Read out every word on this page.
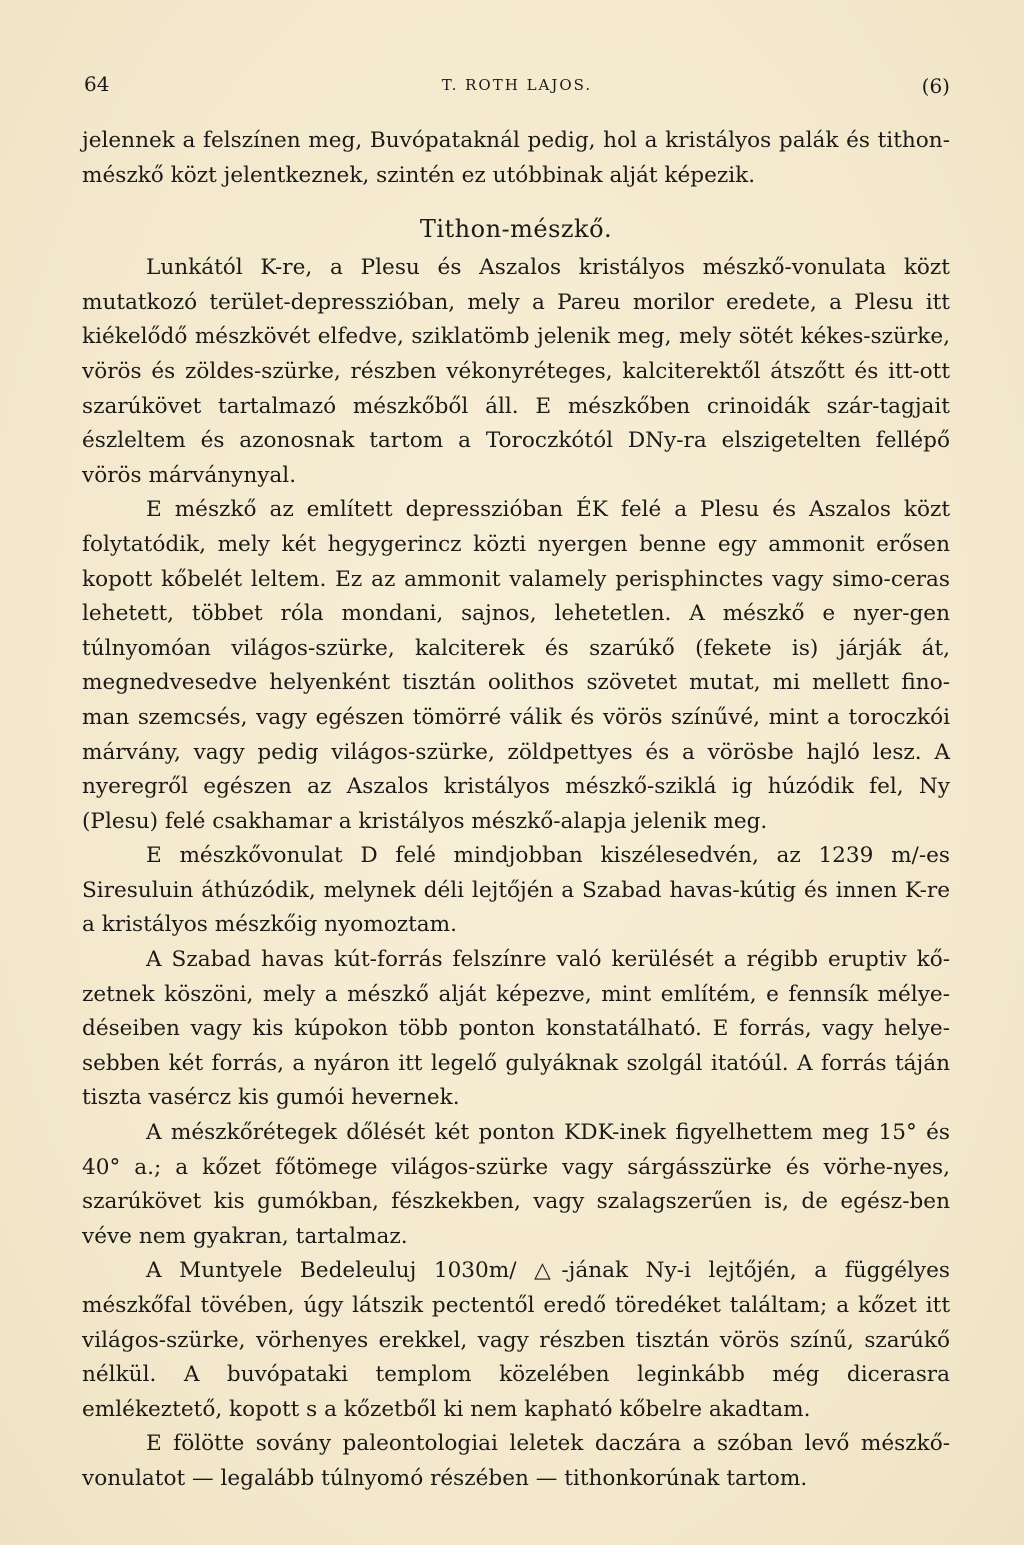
64	T. ROTH LAJOS.	(6)

jelennek a felszínen meg, Buvópataknál pedig, hol a kristályos palák és tithon-mészkő közt jelentkeznek, szintén ez utóbbinak alját képezik.

Tithon-mészkő.

Lunkától K-re, a Plesu és Aszalos kristályos mészkő-vonulata közt mutatkozó terület-depresszióban, mely a Pareu morilor eredete, a Plesu itt kiékelődő mészkövét elfedve, sziklatömb jelenik meg, mely sötét kékes-szürke, vörös és zöldes-szürke, részben vékonyréteges, kalciterektől átszőtt és itt-ott szarúkövet tartalmazó mészkőből áll. E mészkőben crinoidák szár-tagjait észleltem és azonosnak tartom a Toroczkótól DNy-ra elszigetelten fellépő vörös márványnyal.

E mészkő az említett depresszióban ÉK felé a Plesu és Aszalos közt folytatódik, mely két hegygerincz közti nyergen benne egy ammonit erősen kopott kőbelét leltem. Ez az ammonit valamely perisphinctes vagy simo-ceras lehetett, többet róla mondani, sajnos, lehetetlen. A mészkő e nyer-gen túlnyomóan világos-szürke, kalciterek és szarúkő (fekete is) járják át, megnedvesedve helyenként tisztán oolithos szövetet mutat, mi mellett fino-man szemcsés, vagy egészen tömörré válik és vörös színűvé, mint a toroczkói márvány, vagy pedig világos-szürke, zöldpettyes és a vörösbe hajló lesz. A nyeregről egészen az Aszalos kristályos mészkő-sziklá ig húzódik fel, Ny (Plesu) felé csakhamar a kristályos mészkő-alapja jelenik meg.

E mészkővonulat D felé mindjobban kiszélesedvén, az 1239 m/-es Siresuluin áthúzódik, melynek déli lejtőjén a Szabad havas-kútig és innen K-re a kristályos mészkőig nyomoztam.

A Szabad havas kút-forrás felszínre való kerülését a régibb eruptiv kő-zetnek köszöni, mely a mészkő alját képezve, mint említém, e fennsík mélye-déseiben vagy kis kúpokon több ponton konstatálható. E forrás, vagy helye-sebben két forrás, a nyáron itt legelő gulyáknak szolgál itatóúl. A forrás táján tiszta vasércz kis gumói hevernek.

A mészkőrétegek dőlését két ponton KDK-inek figyelhettem meg 15° és 40° a.; a kőzet főtömege világos-szürke vagy sárgásszürke és vörhe-nyes, szarúkövet kis gumókban, fészkekben, vagy szalagszerűen is, de egész-ben véve nem gyakran, tartalmaz.

A Muntyele Bedeleuluj 1030m/ △-jának Ny-i lejtőjén, a függélyes mészkőfal tövében, úgy látszik pectentől eredő töredéket találtam; a kőzet itt világos-szürke, vörhenyes erekkel, vagy részben tisztán vörös színű, szarúkő nélkül. A buvópataki templom közelében leginkább még dicerasra emlékeztető, kopott s a kőzetből ki nem kapható kőbelre akadtam.

E fölötte sovány paleontologiai leletek daczára a szóban levő mészkő-vonulatot — legalább túlnyomó részében — tithonkorúnak tartom.
